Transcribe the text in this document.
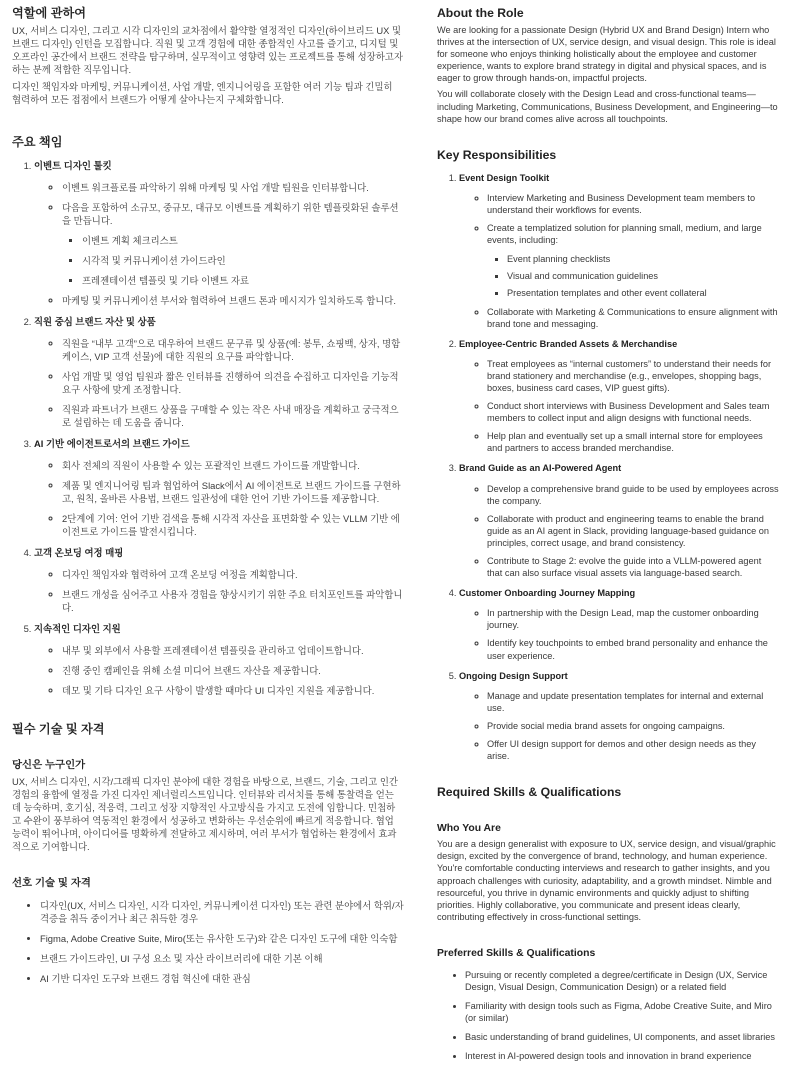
역할에 관하여

UX, 서비스 디자인, 그리고 시각 디자인의 교차점에서 활약할 열정적인 디자인(하이브리드 UX 및 브랜드 디자인) 인턴을 모집합니다. 직원 및 고객 경험에 대한 종합적인 사고를 즐기고, 디지털 및 오프라인 공간에서 브랜드 전략을 탐구하며, 실무적이고 영향력 있는 프로젝트를 통해 성장하고자 하는 분께 적합한 직무입니다.

디자인 책임자와 마케팅, 커뮤니케이션, 사업 개발, 엔지니어링을 포함한 여러 기능 팀과 긴밀히 협력하여 모든 접점에서 브랜드가 어떻게 살아나는지 구체화합니다.

주요 책임
1. 이벤트 디자인 툴킷
◦ 이벤트 워크플로를 파악하기 위해 마케팅 및 사업 개발 팀원을 인터뷰합니다.
◦ 다음을 포함하여 소규모, 중규모, 대규모 이벤트를 계획하기 위한 템플릿화된 솔루션을 만듭니다.
▪ 이벤트 계획 체크리스트
▪ 시각적 및 커뮤니케이션 가이드라인
▪ 프레젠테이션 템플릿 및 기타 이벤트 자료
◦ 마케팅 및 커뮤니케이션 부서와 협력하여 브랜드 톤과 메시지가 일치하도록 합니다.
2. 직원 중심 브랜드 자산 및 상품
◦ 직원을 “내부 고객”으로 대우하여 브랜드 문구류 및 상품(예: 봉투, 쇼핑백, 상자, 명함 케이스, VIP 고객 선물)에 대한 직원의 요구를 파악합니다.
◦ 사업 개발 및 영업 팀원과 짧은 인터뷰를 진행하여 의견을 수집하고 디자인을 기능적 요구 사항에 맞게 조정합니다.
◦ 직원과 파트너가 브랜드 상품을 구매할 수 있는 작은 사내 매장을 계획하고 궁극적으로 설립하는 데 도움을 줍니다.
3. AI 기반 에이전트로서의 브랜드 가이드
◦ 회사 전체의 직원이 사용할 수 있는 포괄적인 브랜드 가이드를 개발합니다.
◦ 제품 및 엔지니어링 팀과 협업하여 Slack에서 AI 에이전트로 브랜드 가이드를 구현하고, 원칙, 올바른 사용법, 브랜드 일관성에 대한 언어 기반 가이드를 제공합니다.
◦ 2단계에 기여: 언어 기반 검색을 통해 시각적 자산을 표면화할 수 있는 VLLM 기반 에이전트로 가이드를 발전시킵니다.
4. 고객 온보딩 여정 매핑
◦ 디자인 책임자와 협력하여 고객 온보딩 여정을 계획합니다.
◦ 브랜드 개성을 심어주고 사용자 경험을 향상시키기 위한 주요 터치포인트를 파악합니다.
5. 지속적인 디자인 지원
◦ 내부 및 외부에서 사용할 프레젠테이션 템플릿을 관리하고 업데이트합니다.
◦ 진행 중인 캠페인을 위해 소셜 미디어 브랜드 자산을 제공합니다.
◦ 데모 및 기타 디자인 요구 사항이 발생할 때마다 UI 디자인 지원을 제공합니다.
필수 기술 및 자격
당신은 누구인가

UX, 서비스 디자인, 시각/그래픽 디자인 분야에 대한 경험을 바탕으로, 브랜드, 기술, 그리고 인간 경험의 융합에 열정을 가진 디자인 제너럴리스트입니다. 인터뷰와 리서치를 통해 통찰력을 얻는 데 능숙하며, 호기심, 적응력, 그리고 성장 지향적인 사고방식을 가지고 도전에 임합니다. 민첩하고 수완이 풍부하여 역동적인 환경에서 성공하고 변화하는 우선순위에 빠르게 적응합니다. 협업 능력이 뛰어나며, 아이디어를 명확하게 전달하고 제시하며, 여러 부서가 협업하는 환경에서 효과적으로 기여합니다.

선호 기술 및 자격
• 디자인(UX, 서비스 디자인, 시각 디자인, 커뮤니케이션 디자인) 또는 관련 분야에서 학위/자격증을 취득 중이거나 최근 취득한 경우
• Figma, Adobe Creative Suite, Miro(또는 유사한 도구)와 같은 디자인 도구에 대한 익숙함
• 브랜드 가이드라인, UI 구성 요소 및 자산 라이브러리에 대한 기본 이해
• AI 기반 디자인 도구와 브랜드 경험 혁신에 대한 관심
About the Role

We are looking for a passionate Design (Hybrid UX and Brand Design) Intern who thrives at the intersection of UX, service design, and visual design. This role is ideal for someone who enjoys thinking holistically about the employee and customer experience, wants to explore brand strategy in digital and physical spaces, and is eager to grow through hands-on, impactful projects.

You will collaborate closely with the Design Lead and cross-functional teams—including Marketing, Communications, Business Development, and Engineering—to shape how our brand comes alive across all touchpoints.

Key Responsibilities
1. Event Design Toolkit
◦ Interview Marketing and Business Development team members to understand their workflows for events.
◦ Create a templatized solution for planning small, medium, and large events, including:
▪ Event planning checklists
▪ Visual and communication guidelines
▪ Presentation templates and other event collateral
◦ Collaborate with Marketing & Communications to ensure alignment with brand tone and messaging.
2. Employee-Centric Branded Assets & Merchandise
◦ Treat employees as “internal customers” to understand their needs for brand stationery and merchandise (e.g., envelopes, shopping bags, boxes, business card cases, VIP guest gifts).
◦ Conduct short interviews with Business Development and Sales team members to collect input and align designs with functional needs.
◦ Help plan and eventually set up a small internal store for employees and partners to access branded merchandise.
3. Brand Guide as an AI-Powered Agent
◦ Develop a comprehensive brand guide to be used by employees across the company.
◦ Collaborate with product and engineering teams to enable the brand guide as an AI agent in Slack, providing language-based guidance on principles, correct usage, and brand consistency.
◦ Contribute to Stage 2: evolve the guide into a VLLM-powered agent that can also surface visual assets via language-based search.
4. Customer Onboarding Journey Mapping
◦ In partnership with the Design Lead, map the customer onboarding journey.
◦ Identify key touchpoints to embed brand personality and enhance the user experience.
5. Ongoing Design Support
◦ Manage and update presentation templates for internal and external use.
◦ Provide social media brand assets for ongoing campaigns.
◦ Offer UI design support for demos and other design needs as they arise.
Required Skills & Qualifications
Who You Are

You are a design generalist with exposure to UX, service design, and visual/graphic design, excited by the convergence of brand, technology, and human experience. You're comfortable conducting interviews and research to gather insights, and you approach challenges with curiosity, adaptability, and a growth mindset. Nimble and resourceful, you thrive in dynamic environments and quickly adjust to shifting priorities. Highly collaborative, you communicate and present ideas clearly, contributing effectively in cross-functional settings.

Preferred Skills & Qualifications
• Pursuing or recently completed a degree/certificate in Design (UX, Service Design, Visual Design, Communication Design) or a related field
• Familiarity with design tools such as Figma, Adobe Creative Suite, and Miro (or similar)
• Basic understanding of brand guidelines, UI components, and asset libraries
• Interest in AI-powered design tools and innovation in brand experience
